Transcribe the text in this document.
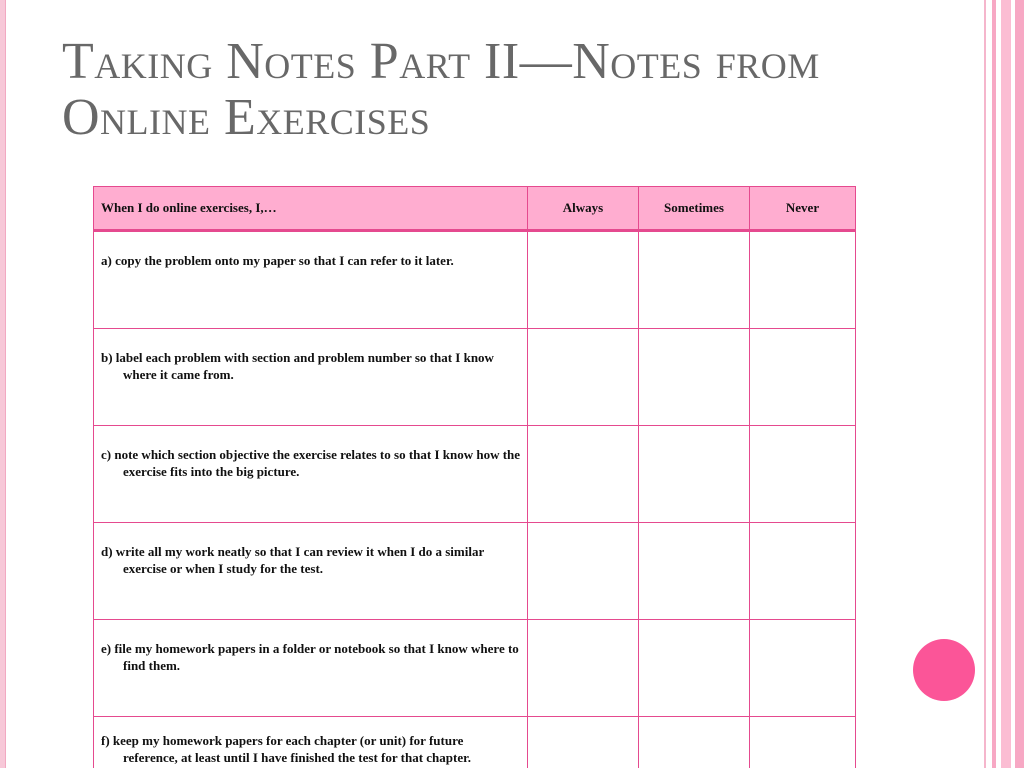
Taking Notes Part II—Notes from Online Exercises
When I do online exercises, I,…	Always	Sometimes	Never

a) copy the problem onto my paper so that I can refer to it later.			

b) label each problem with section and problem number so that I know where it came from.			

c) note which section objective the exercise relates to so that I know how the exercise fits into the big picture.			

d) write all my work neatly so that I can review it when I do a similar exercise or when I study for the test.			

e) file my homework papers in a folder or notebook so that I know where to find them.			

f) keep my homework papers for each chapter (or unit) for future reference, at least until I have finished the test for that chapter.			
